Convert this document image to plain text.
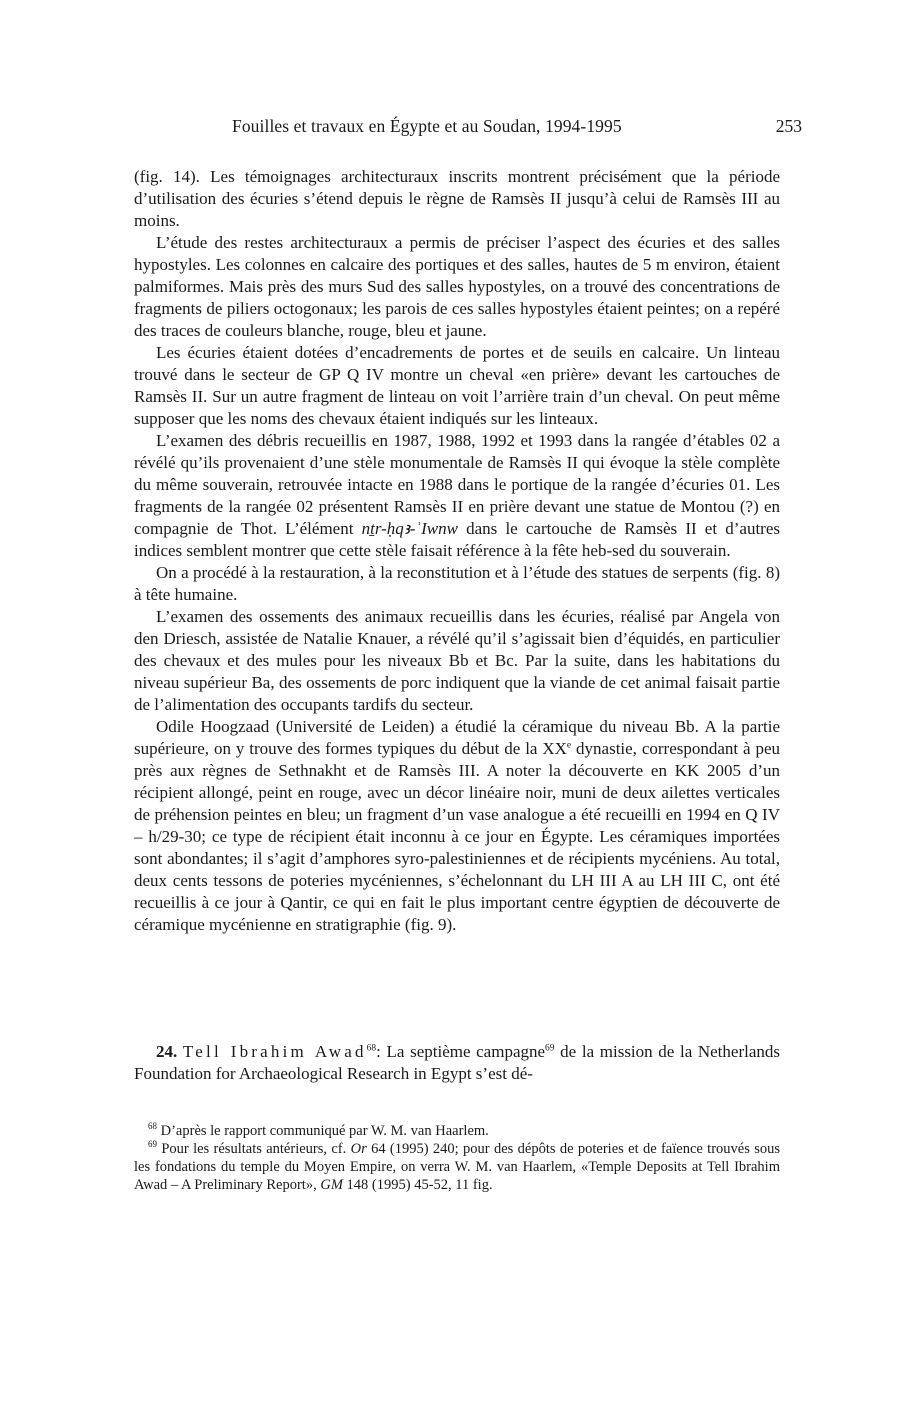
Fouilles et travaux en Égypte et au Soudan, 1994-1995	253

(fig. 14). Les témoignages architecturaux inscrits montrent précisément que la période d’utilisation des écuries s’étend depuis le règne de Ramsès II jusqu’à celui de Ramsès III au moins.

L’étude des restes architecturaux a permis de préciser l’aspect des écuries et des salles hypostyles. Les colonnes en calcaire des portiques et des salles, hautes de 5 m environ, étaient palmiformes. Mais près des murs Sud des salles hypostyles, on a trouvé des concentrations de fragments de piliers octogonaux; les parois de ces salles hypostyles étaient peintes; on a repéré des traces de couleurs blanche, rouge, bleu et jaune.

Les écuries étaient dotées d’encadrements de portes et de seuils en calcaire. Un linteau trouvé dans le secteur de GP Q IV montre un cheval «en prière» devant les cartouches de Ramsès II. Sur un autre fragment de linteau on voit l’arrière train d’un cheval. On peut même supposer que les noms des chevaux étaient indiqués sur les linteaux.

L’examen des débris recueillis en 1987, 1988, 1992 et 1993 dans la rangée d’étables 02 a révélé qu’ils provenaient d’une stèle monumentale de Ramsès II qui évoque la stèle complète du même souverain, retrouvée intacte en 1988 dans le portique de la rangée d’écuries 01. Les fragments de la rangée 02 présentent Ramsès II en prière devant une statue de Montou (?) en compagnie de Thot. L’élément nṯr-ḥqꜣ-ʾIwnw dans le cartouche de Ramsès II et d’autres indices semblent montrer que cette stèle faisait référence à la fête heb-sed du souverain.

On a procédé à la restauration, à la reconstitution et à l’étude des statues de serpents (fig. 8) à tête humaine.

L’examen des ossements des animaux recueillis dans les écuries, réalisé par Angela von den Driesch, assistée de Natalie Knauer, a révélé qu’il s’agissait bien d’équidés, en particulier des chevaux et des mules pour les niveaux Bb et Bc. Par la suite, dans les habitations du niveau supérieur Ba, des ossements de porc indiquent que la viande de cet animal faisait partie de l’alimentation des occupants tardifs du secteur.

Odile Hoogzaad (Université de Leiden) a étudié la céramique du niveau Bb. A la partie supérieure, on y trouve des formes typiques du début de la XXe dynastie, correspondant à peu près aux règnes de Sethnakht et de Ramsès III. A noter la découverte en KK 2005 d’un récipient allongé, peint en rouge, avec un décor linéaire noir, muni de deux ailettes verticales de préhension peintes en bleu; un fragment d’un vase analogue a été recueilli en 1994 en Q IV – h/29-30; ce type de récipient était inconnu à ce jour en Égypte. Les céramiques importées sont abondantes; il s’agit d’amphores syro-palestiniennes et de récipients mycéniens. Au total, deux cents tessons de poteries mycéniennes, s’échelonnant du LH III A au LH III C, ont été recueillis à ce jour à Qantir, ce qui en fait le plus important centre égyptien de découverte de céramique mycénienne en stratigraphie (fig. 9).

24. Tell Ibrahim Awad$^{68}$: La septième campagne$^{69}$ de la mission de la Netherlands Foundation for Archaeological Research in Egypt s’est dé-

$^{68}$ D’après le rapport communiqué par W. M. van Haarlem.

$^{69}$ Pour les résultats antérieurs, cf. Or 64 (1995) 240; pour des dépôts de poteries et de faïence trouvés sous les fondations du temple du Moyen Empire, on verra W. M. van Haarlem, «Temple Deposits at Tell Ibrahim Awad – A Preliminary Report», GM 148 (1995) 45-52, 11 fig.
